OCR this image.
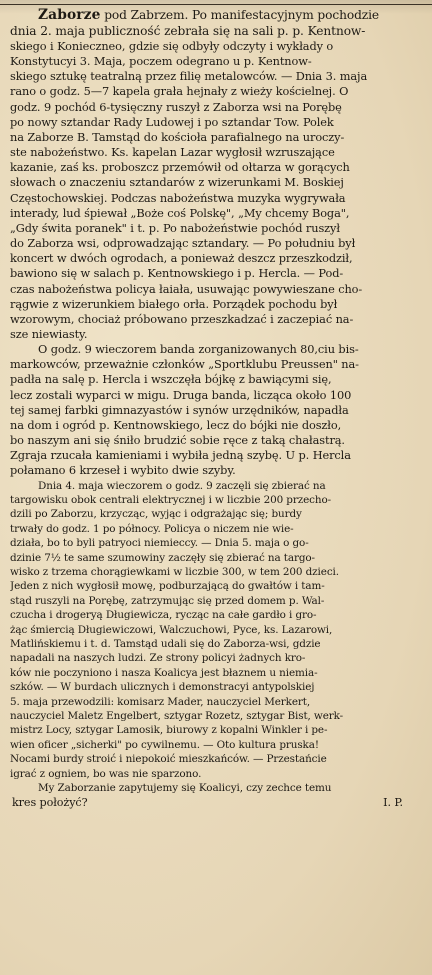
Zaborze pod Zabrzem. Po manifestacyjnym pochodzie
dnia 2. maja publiczność zebrała się na sali p. p. Kentnow-
skiego i Konieczneo, gdzie się odbyły odczyty i wykłady o
Konstytucyi 3. Maja, poczem odegrano u p. Kentnow-
skiego sztukę teatralną przez filię metalowców. — Dnia 3. maja
rano o godz. 5—7 kapela grała hejnały z wieży kościelnej. O
godz. 9 pochód 6-tysięczny ruszył z Zaborza wsi na Porębę
po nowy sztandar Rady Ludowej i po sztandar Tow. Polek
na Zaborze B. Tamstąd do kościoła parafialnego na uroczy-
ste nabożeństwo. Ks. kapelan Lazar wygłosił wzruszające
kazanie, zaś ks. proboszcz przemówił od ołtarza w gorących
słowach o znaczeniu sztandarów z wizerunkami M. Boskiej
Częstochowskiej. Podczas nabożeństwa muzyka wygrywała
interady, lud śpiewał „Boże coś Polskę", „My chcemy Boga",
„Gdy świta poranek" i t. p. Po nabożeństwie pochód ruszył
do Zaborza wsi, odprowadzając sztandary. — Po południu był
koncert w dwóch ogrodach, a ponieważ deszcz przeszkodził,
bawiono się w salach p. Kentnowskiego i p. Hercla. — Pod-
czas nabożeństwa policya łaiała, usuwając powywieszane cho-
rągwie z wizerunkiem białego orła. Porządek pochodu był
wzorowym, chociaż próbowano przeszkadzać i zaczepiać na-
sze niewiasty.
O godz. 9 wieczorem banda zorganizowanych 80,ciu bis-
markowców, przeważnie członków „Sportklubu Preussen" na-
padła na salę p. Hercla i wszczęła bójkę z bawiącymi się,
lecz zostali wyparci w migu. Druga banda, licząca około 100
tej samej farbki gimnazyastów i synów urzędników, napadła
na dom i ogród p. Kentnowskiego, lecz do bójki nie doszło,
bo naszym ani się śniło brudzić sobie ręce z taką chałastrą.
Zgraja rzucała kamieniami i wybiła jedną szybę. U p. Hercla
połamano 6 krzeseł i wybito dwie szyby.
Dnia 4. maja wieczorem o godz. 9 zaczęli się zbierać na
targowisku obok centrali elektrycznej i w liczbie 200 przecho-
dzili po Zaborzu, krzycząc, wyjąc i odgrażając się; burdy
trwały do godz. 1 po północy. Policya o niczem nie wie-
działa, bo to byli patryoci niemieccy. — Dnia 5. maja o go-
dzinie 7½ te same szumowiny zaczęły się zbierać na targo-
wisko z trzema chorągiewkami w liczbie 300, w tem 200 dzieci.
Jeden z nich wygłosił mowę, podburzającą do gwałtów i tam-
stąd ruszyli na Porębę, zatrzymując się przed domem p. Wal-
czucha i drogeryą Długiewicza, rycząc na całe gardło i gro-
żąc śmiercią Długiewiczowi, Walczuchowi, Pyce, ks. Lazarowi,
Matlińskiemu i t. d. Tamstąd udali się do Zaborza-wsi, gdzie
napadali na naszych ludzi. Ze strony policyi żadnych kro-
ków nie poczyniono i nasza Koalicya jest błaznem u niemia-
szków. — W burdach ulicznych i demonstracyi antypolskiej
5. maja przewodzili: komisarz Mader, nauczyciel Merkert,
nauczyciel Maletz Engelbert, sztygar Rozetz, sztygar Bist, werk-
mistrz Locy, sztygar Lamosik, biurowy z kopalni Winkler i pe-
wien oficer „sicherki" po cywilnemu. — Oto kultura pruska!
Nocami burdy stroić i niepokoić mieszkańców. — Przestańcie
igrać z ogniem, bo was nie sparzono.
My Zaborzanie zapytujemy się Koalicyi, czy zechce temu
kres położyć?	I. P.
